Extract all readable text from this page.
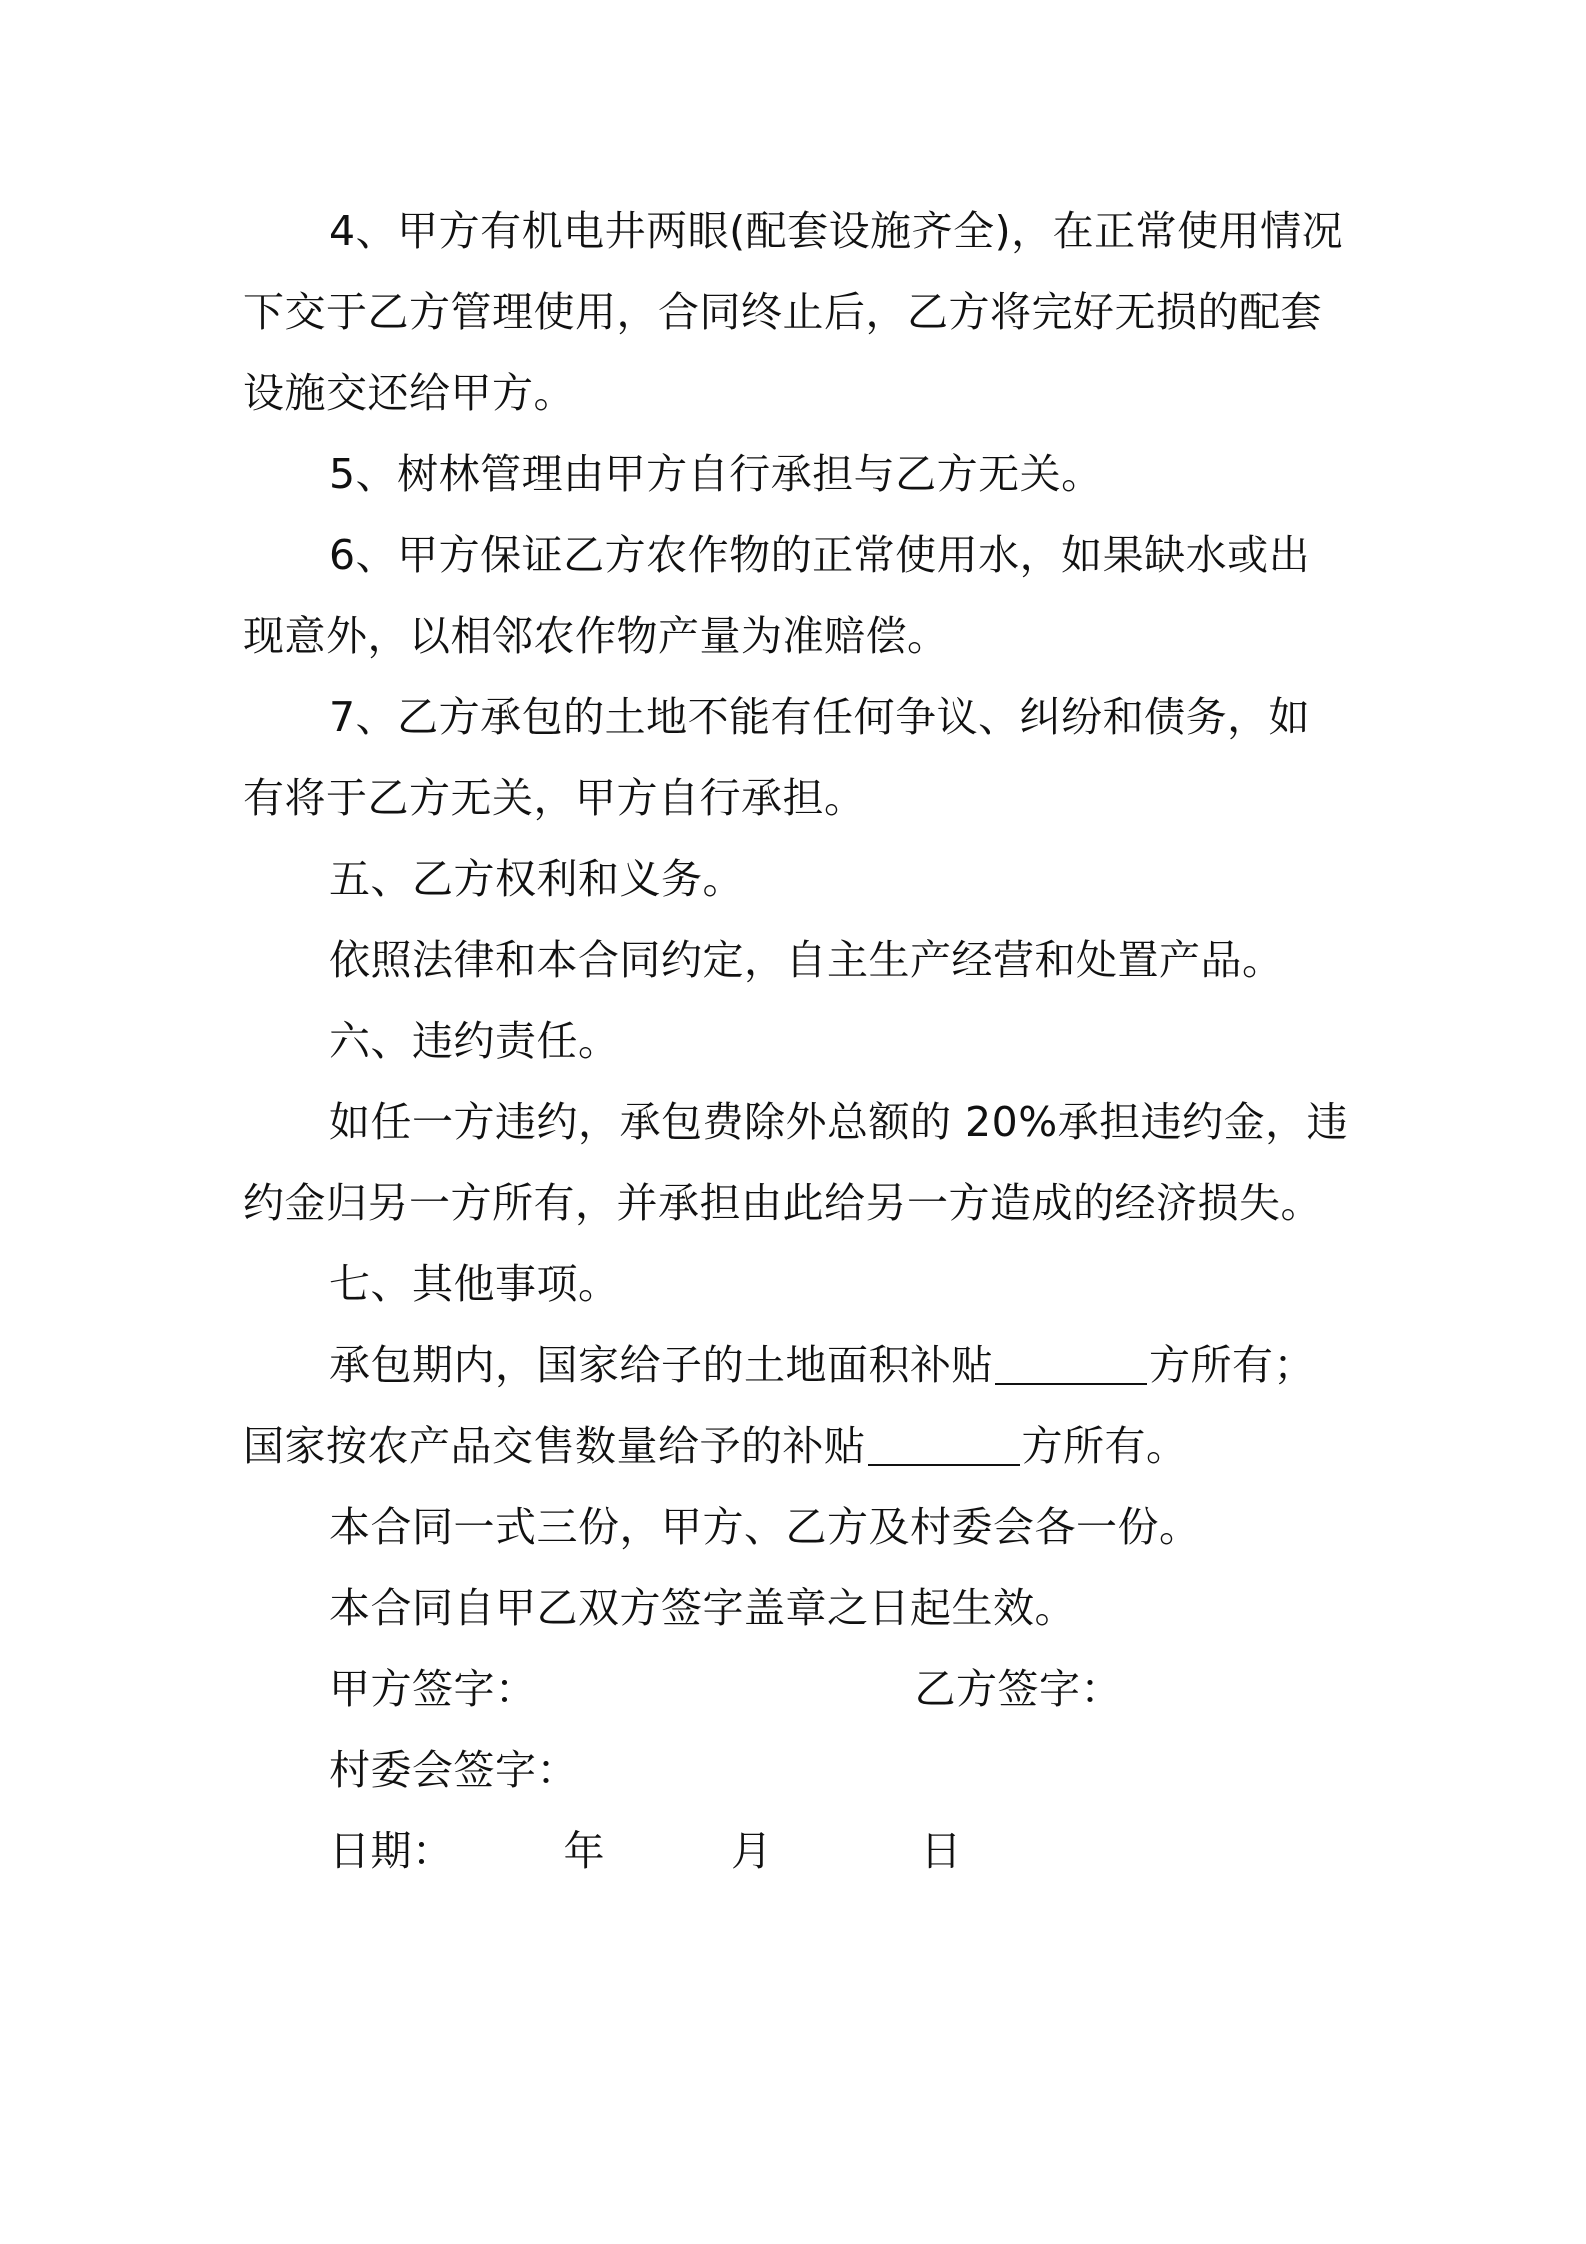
4、甲方有机电井两眼(配套设施齐全)，在正常使用情况
下交于乙方管理使用，合同终止后，乙方将完好无损的配套
设施交还给甲方。
5、树林管理由甲方自行承担与乙方无关。
6、甲方保证乙方农作物的正常使用水，如果缺水或出
现意外，以相邻农作物产量为准赔偿。
7、乙方承包的土地不能有任何争议、纠纷和债务，如
有将于乙方无关，甲方自行承担。
五、乙方权利和义务。
依照法律和本合同约定，自主生产经营和处置产品。
六、违约责任。
如任一方违约，承包费除外总额的 20%承担违约金，违
约金归另一方所有，并承担由此给另一方造成的经济损失。
七、其他事项。
承包期内，国家给子的土地面积补贴	方所有；
国家按农产品交售数量给予的补贴	方所有。
本合同一式三份，甲方、乙方及村委会各一份。
本合同自甲乙双方签字盖章之日起生效。
甲方签字：	乙方签字：
村委会签字：
日期：	年	月	日
